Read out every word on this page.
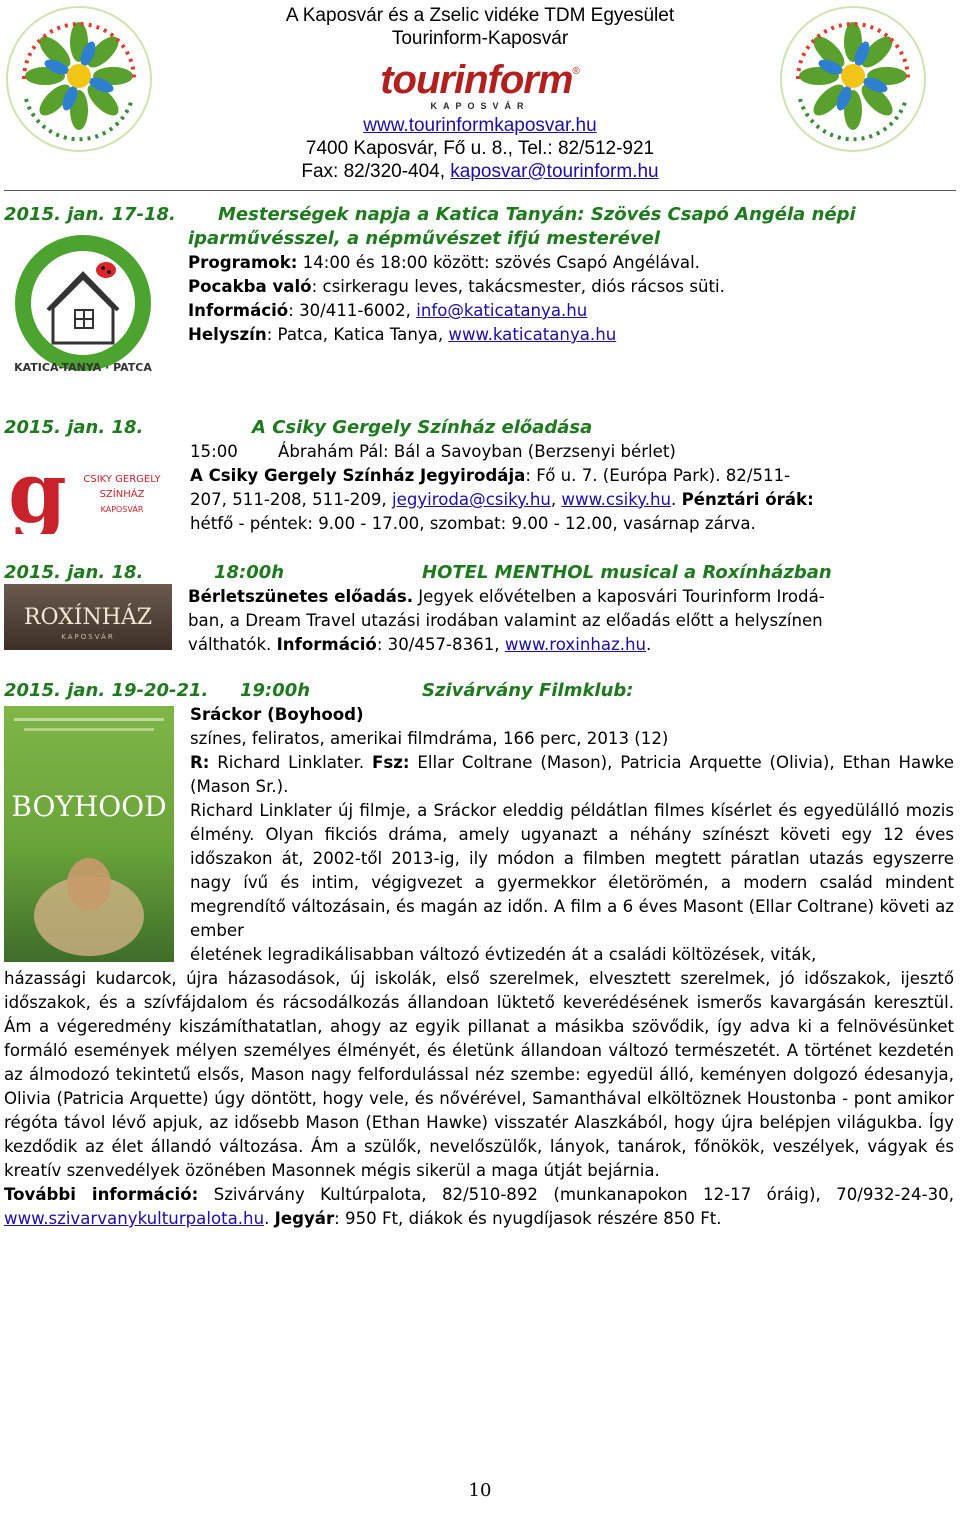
A Kaposvár és a Zselic vidéke TDM Egyesület
Tourinform-Kaposvár
tourinform ®
KAPOSVÁR
www.tourinformkaposvar.hu
7400 Kaposvár, Fő u. 8., Tel.: 82/512-921
Fax: 82/320-404, kaposvar@tourinform.hu
2015. jan. 17-18. Mesterségek napja a Katica Tanyán: Szövés Csapó Angéla népi
iparművésszel, a népművészet ifjú mesterével
KATICA-TANYA · PATCA
Programok: 14:00 és 18:00 között: szövés Csapó Angélával.
Pocakba való: csirkeragu leves, takácsmester, diós rácsos süti.
Információ: 30/411-6002, info@katicatanya.hu
Helyszín: Patca, Katica Tanya, www.katicatanya.hu
2015. jan. 18.	A Csiky Gergely Színház előadása
g CSIKY GERGELY
SZÍNHÁZ
KAPOSVÁR
15:00 Ábrahám Pál: Bál a Savoyban (Berzsenyi bérlet)
A Csiky Gergely Színház Jegyirodája: Fő u. 7. (Európa Park). 82/511-
207, 511-208, 511-209, jegyiroda@csiky.hu, www.csiky.hu. Pénztári órák:
hétfő - péntek: 9.00 - 17.00, szombat: 9.00 - 12.00, vasárnap zárva.
2015. jan. 18.	18:00h	HOTEL MENTHOL musical a Roxínházban
ROXÍNHÁZ
KAPOSVÁR
Bérletszünetes előadás. Jegyek elővételben a kaposvári Tourinform Irodá-
ban, a Dream Travel utazási irodában valamint az előadás előtt a helyszínen
válthatók. Információ: 30/457-8361, www.roxinhaz.hu.
2015. jan. 19-20-21. 19:00h	Szivárvány Filmklub:
BOYHOOD
Sráckor (Boyhood)
színes, feliratos, amerikai filmdráma, 166 perc, 2013 (12)
R: Richard Linklater. Fsz: Ellar Coltrane (Mason), Patricia Arquette (Olivia), Ethan Hawke (Mason Sr.).
Richard Linklater új filmje, a Sráckor eleddig példátlan filmes kísérlet és egyedülálló mozis élmény. Olyan fikciós dráma, amely ugyanazt a néhány színészt követi egy 12 éves időszakon át, 2002-től 2013-ig, ily módon a filmben megtett páratlan utazás egyszerre nagy ívű és intim, végigvezet a gyermekkor életörömén, a modern család mindent megrendítő változásain, és magán az időn. A film a 6 éves Masont (Ellar Coltrane) követi az ember
életének legradikálisabban változó évtizedén át a családi költözések, viták,
házassági kudarcok, újra házasodások, új iskolák, első szerelmek, elvesztett szerelmek, jó időszakok, ijesztő időszakok, és a szívfájdalom és rácsodálkozás állandoan lüktető keverédésének ismerős kavargásán keresztül. Ám a végeredmény kiszámíthatatlan, ahogy az egyik pillanat a másikba szövődik, így adva ki a felnövésünket formáló események mélyen személyes élményét, és életünk állandoan változó természetét. A történet kezdetén az álmodozó tekintetű elsős, Mason nagy felfordulással néz szembe: egyedül álló, keményen dolgozó édesanyja, Olivia (Patricia Arquette) úgy döntött, hogy vele, és nővérével, Samanthával elköltöznek Houstonba - pont amikor régóta távol lévő apjuk, az idősebb Mason (Ethan Hawke) visszatér Alaszkából, hogy újra belépjen világukba. Így kezdődik az élet állandó változása. Ám a szülők, nevelőszülők, lányok, tanárok, főnökök, veszélyek, vágyak és kreatív szenvedélyek özönében Masonnek mégis sikerül a maga útját bejárnia.
További információ: Szivárvány Kultúrpalota, 82/510-892 (munkanapokon 12-17 óráig), 70/932-24-30, www.szivarvanykulturpalota.hu. Jegyár: 950 Ft, diákok és nyugdíjasok részére 850 Ft.
10
